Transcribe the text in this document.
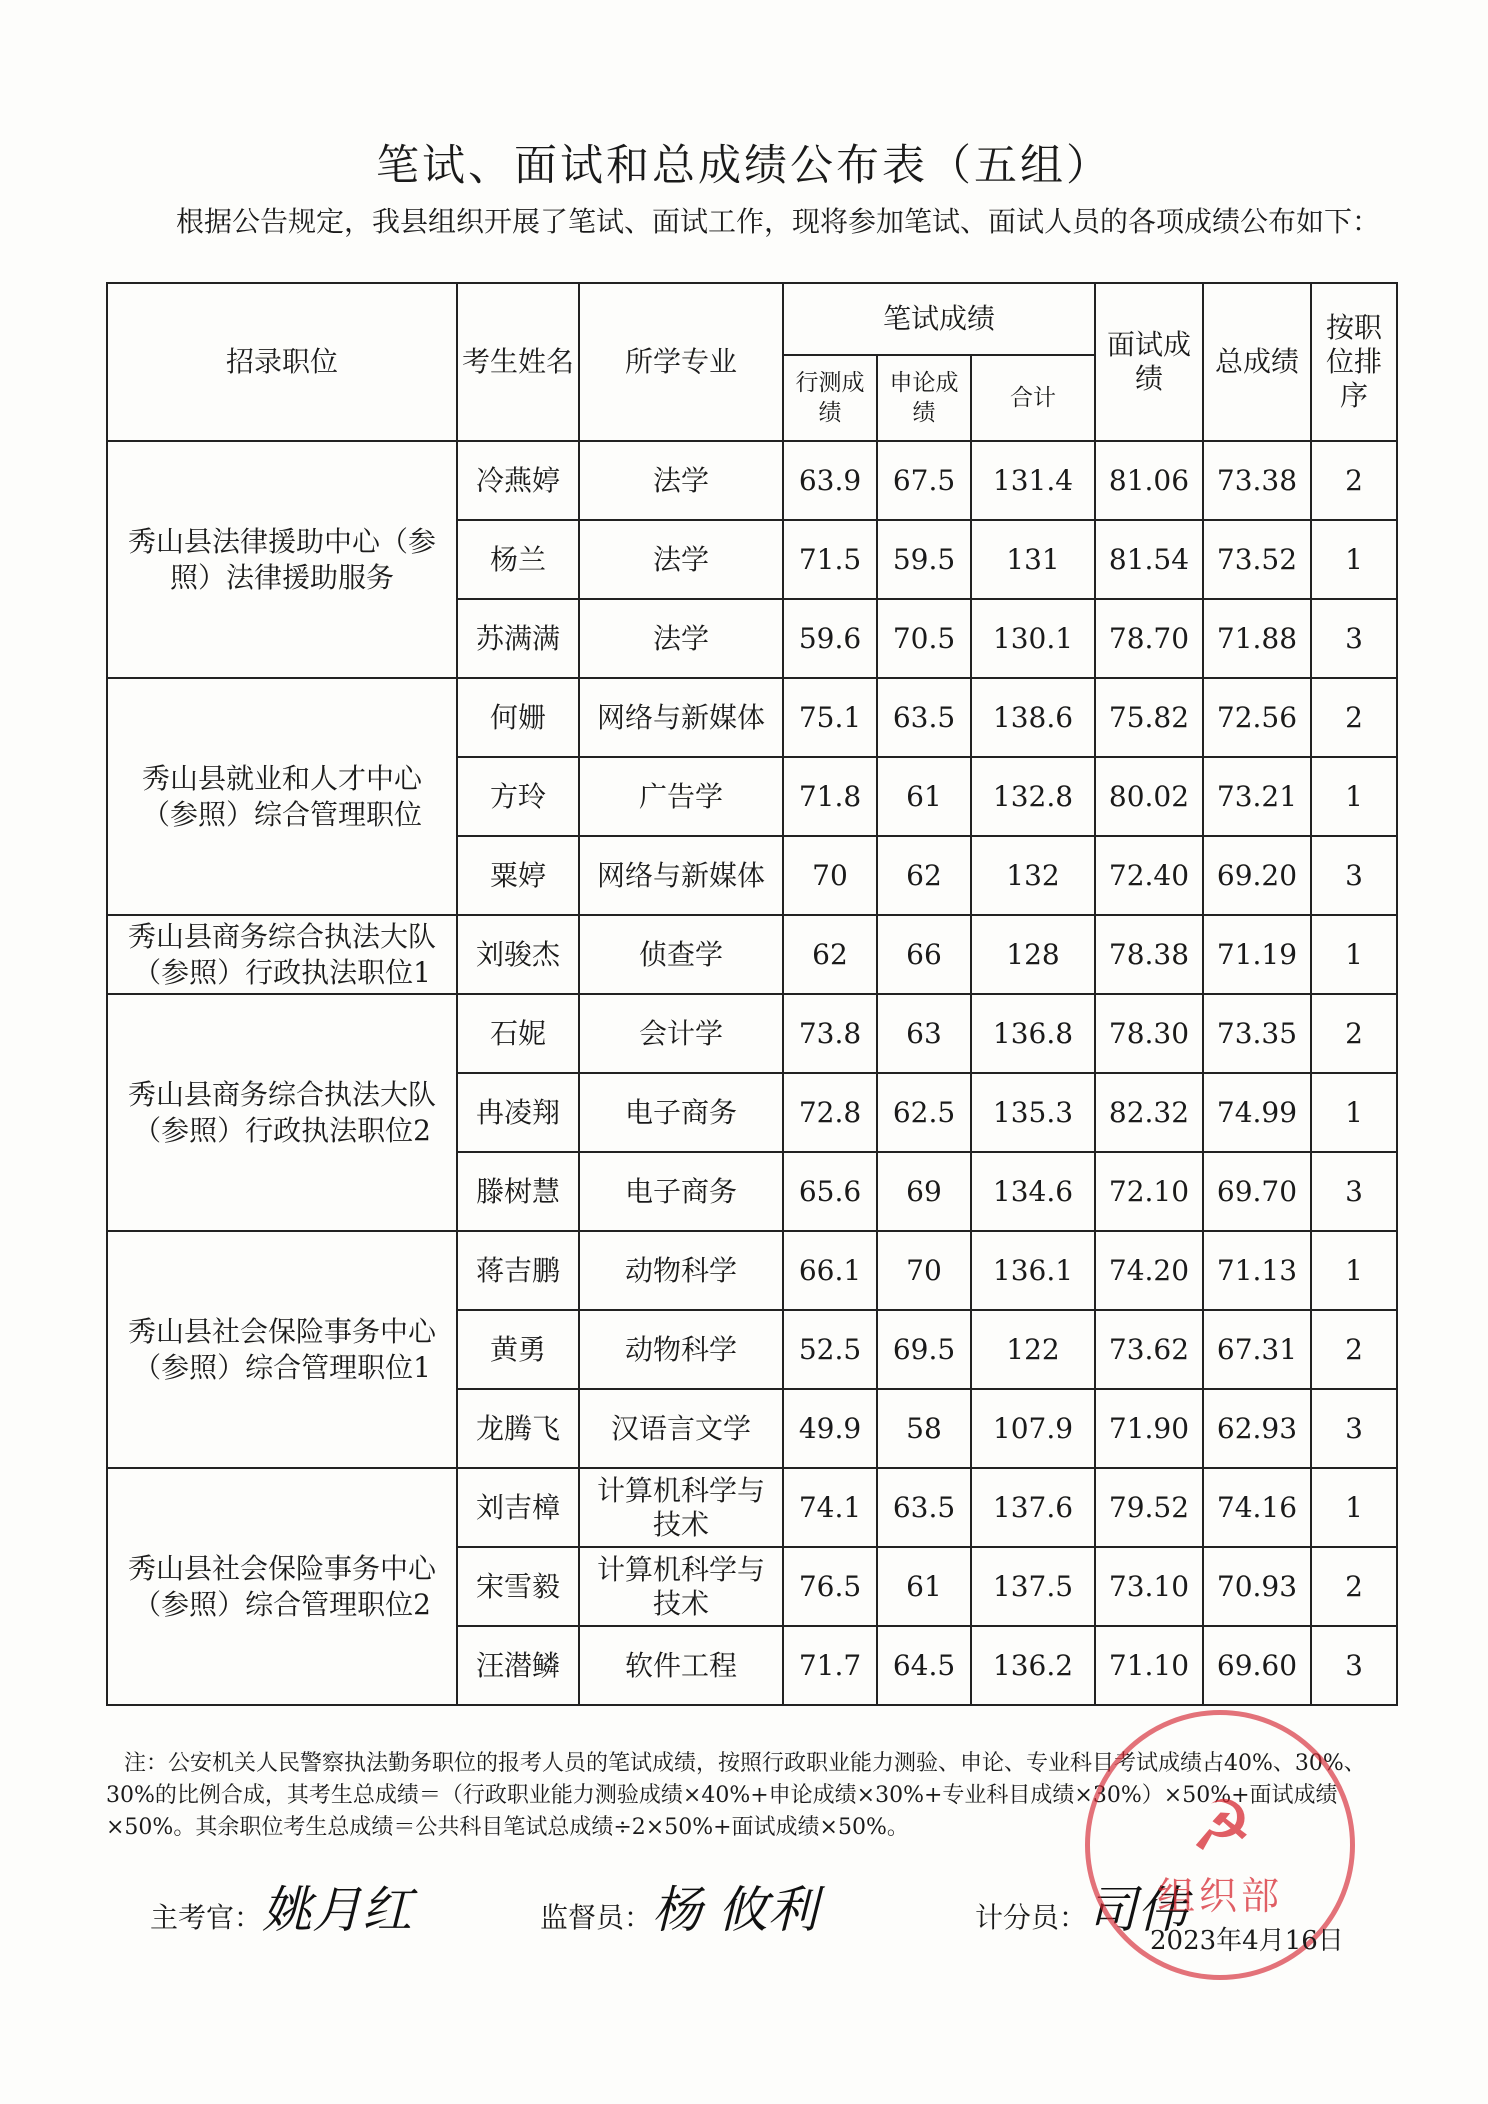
笔试、面试和总成绩公布表（五组）
根据公告规定，我县组织开展了笔试、面试工作，现将参加笔试、面试人员的各项成绩公布如下：
招录职位	考生姓名	所学专业	笔试成绩			面试成绩	总成绩	按职位排序
			行测成绩	申论成绩	合计			
秀山县法律援助中心（参照）法律援助服务	冷燕婷	法学	63.9	67.5	131.4	81.06	73.38	2
	杨兰	法学	71.5	59.5	131	81.54	73.52	1
	苏满满	法学	59.6	70.5	130.1	78.70	71.88	3
秀山县就业和人才中心（参照）综合管理职位	何姗	网络与新媒体	75.1	63.5	138.6	75.82	72.56	2
	方玲	广告学	71.8	61	132.8	80.02	73.21	1
	粟婷	网络与新媒体	70	62	132	72.40	69.20	3
秀山县商务综合执法大队（参照）行政执法职位1	刘骏杰	侦查学	62	66	128	78.38	71.19	1
秀山县商务综合执法大队（参照）行政执法职位2	石妮	会计学	73.8	63	136.8	78.30	73.35	2
	冉凌翔	电子商务	72.8	62.5	135.3	82.32	74.99	1
	滕树慧	电子商务	65.6	69	134.6	72.10	69.70	3
秀山县社会保险事务中心（参照）综合管理职位1	蒋吉鹏	动物科学	66.1	70	136.1	74.20	71.13	1
	黄勇	动物科学	52.5	69.5	122	73.62	67.31	2
	龙腾飞	汉语言文学	49.9	58	107.9	71.90	62.93	3
秀山县社会保险事务中心（参照）综合管理职位2	刘吉樟	计算机科学与技术	74.1	63.5	137.6	79.52	74.16	1
	宋雪毅	计算机科学与技术	76.5	61	137.5	73.10	70.93	2
	汪潜鳞	软件工程	71.7	64.5	136.2	71.10	69.60	3
注：公安机关人民警察执法勤务职位的报考人员的笔试成绩，按照行政职业能力测验、申论、专业科目考试成绩占40%、30%、30%的比例合成，其考生总成绩＝（行政职业能力测验成绩×40%+申论成绩×30%+专业科目成绩×30%）×50%+面试成绩×50%。其余职位考生总成绩＝公共科目笔试总成绩÷2×50%+面试成绩×50%。
主考官：姚月红	监督员：杨 攸利	计分员：司伟
☭
组织部
2023年4月16日
